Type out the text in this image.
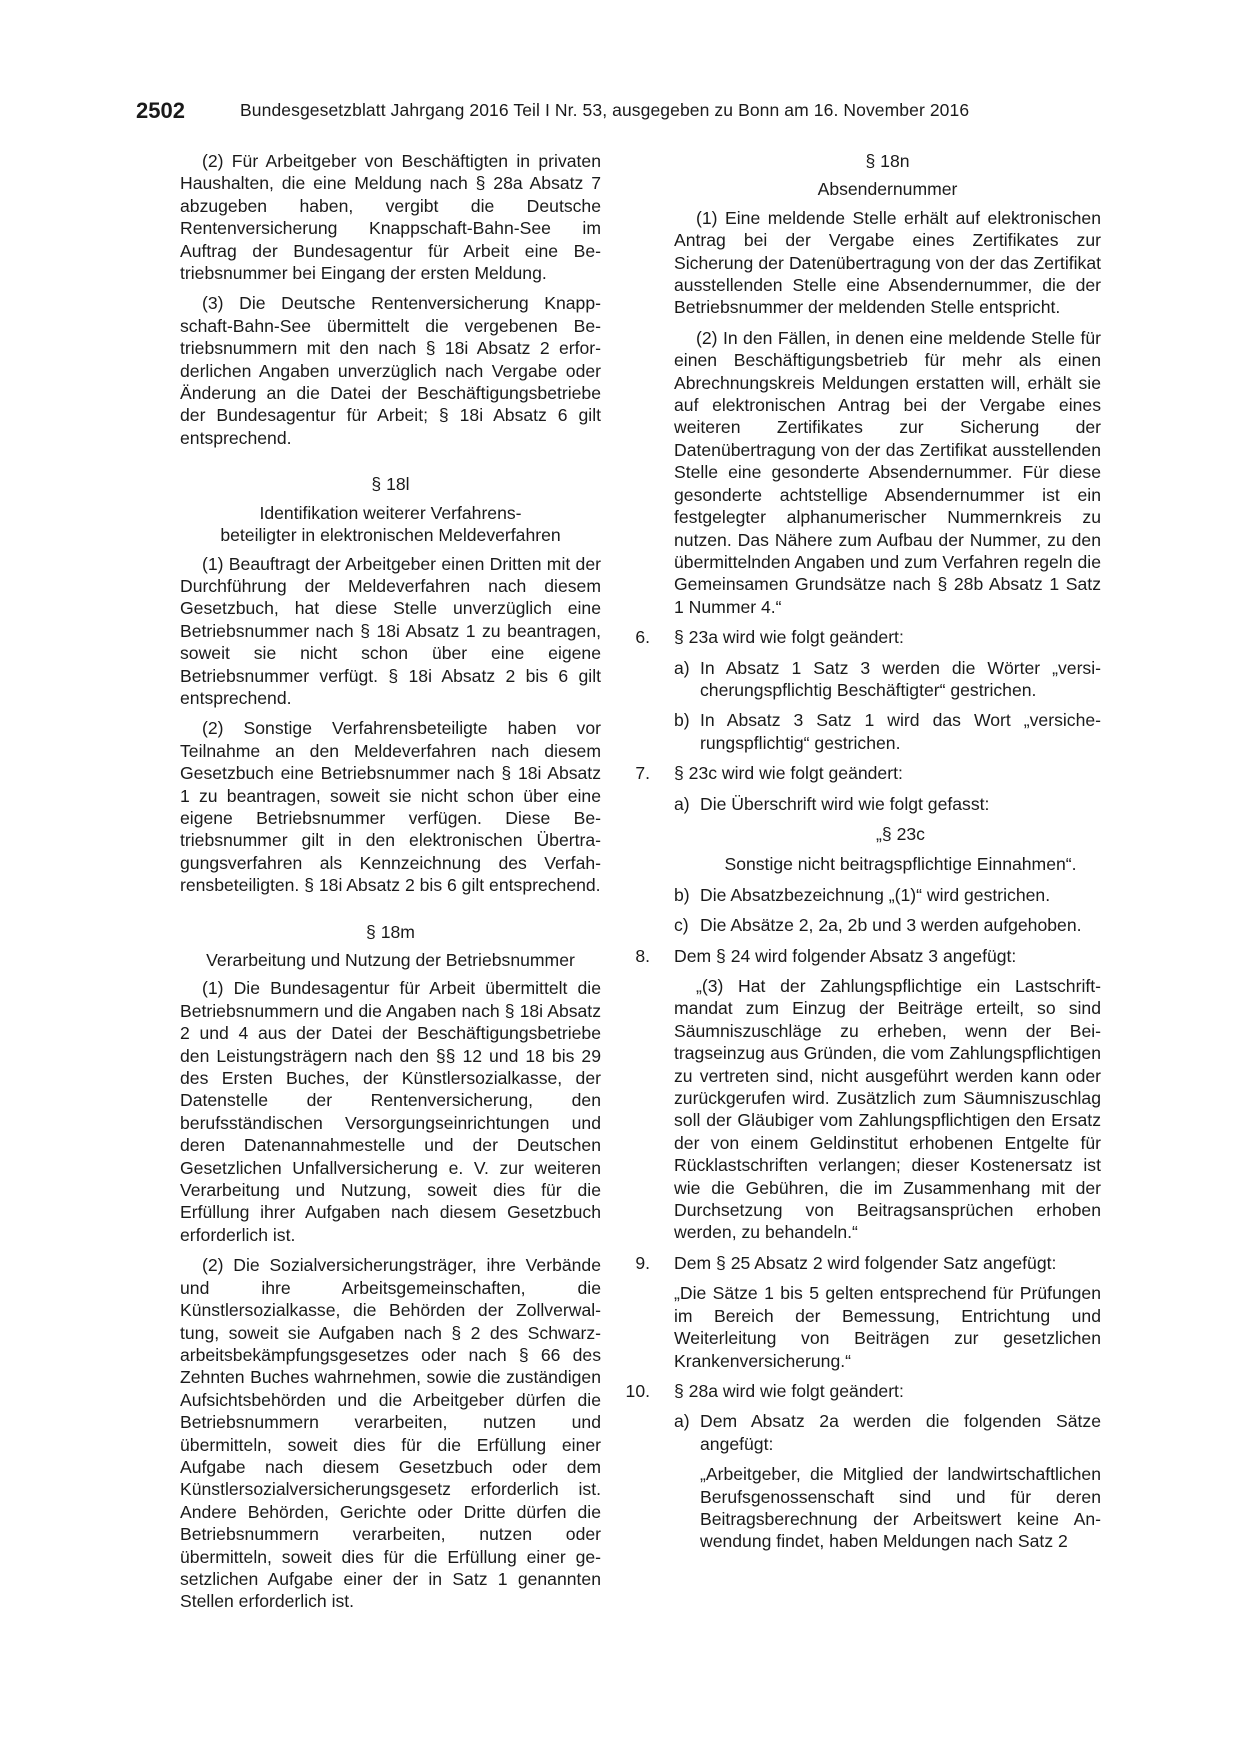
2502	Bundesgesetzblatt Jahrgang 2016 Teil I Nr. 53, ausgegeben zu Bonn am 16. November 2016

(2) Für Arbeitgeber von Beschäftigten in privaten Haushalten, die eine Meldung nach § 28a Absatz 7 abzugeben haben, vergibt die Deutsche Rentenversicherung Knappschaft-Bahn-See im Auftrag der Bundesagentur für Arbeit eine Betriebsnummer bei Eingang der ersten Meldung.

(3) Die Deutsche Rentenversicherung Knappschaft-Bahn-See übermittelt die vergebenen Betriebsnummern mit den nach § 18i Absatz 2 erforderlichen Angaben unverzüglich nach Vergabe oder Änderung an die Datei der Beschäftigungsbetriebe der Bundesagentur für Arbeit; § 18i Absatz 6 gilt entsprechend.

§ 18l

Identifikation weiterer Verfahrens-
beteiligter in elektronischen Meldeverfahren

(1) Beauftragt der Arbeitgeber einen Dritten mit der Durchführung der Meldeverfahren nach diesem Gesetzbuch, hat diese Stelle unverzüglich eine Betriebsnummer nach § 18i Absatz 1 zu beantragen, soweit sie nicht schon über eine eigene Betriebsnummer verfügt. § 18i Absatz 2 bis 6 gilt entsprechend.

(2) Sonstige Verfahrensbeteiligte haben vor Teilnahme an den Meldeverfahren nach diesem Gesetzbuch eine Betriebsnummer nach § 18i Absatz 1 zu beantragen, soweit sie nicht schon über eine eigene Betriebsnummer verfügen. Diese Betriebsnummer gilt in den elektronischen Übertragungsverfahren als Kennzeichnung des Verfahrensbeteiligten. § 18i Absatz 2 bis 6 gilt entsprechend.

§ 18m

Verarbeitung und Nutzung der Betriebsnummer

(1) Die Bundesagentur für Arbeit übermittelt die Betriebsnummern und die Angaben nach § 18i Absatz 2 und 4 aus der Datei der Beschäftigungsbetriebe den Leistungsträgern nach den §§ 12 und 18 bis 29 des Ersten Buches, der Künstlersozialkasse, der Datenstelle der Rentenversicherung, den berufsständischen Versorgungseinrichtungen und deren Datenannahmestelle und der Deutschen Gesetzlichen Unfallversicherung e. V. zur weiteren Verarbeitung und Nutzung, soweit dies für die Erfüllung ihrer Aufgaben nach diesem Gesetzbuch erforderlich ist.

(2) Die Sozialversicherungsträger, ihre Verbände und ihre Arbeitsgemeinschaften, die Künstlersozialkasse, die Behörden der Zollverwaltung, soweit sie Aufgaben nach § 2 des Schwarzarbeitsbekämpfungsgesetzes oder nach § 66 des Zehnten Buches wahrnehmen, sowie die zuständigen Aufsichtsbehörden und die Arbeitgeber dürfen die Betriebsnummern verarbeiten, nutzen und übermitteln, soweit dies für die Erfüllung einer Aufgabe nach diesem Gesetzbuch oder dem Künstlersozialversicherungsgesetz erforderlich ist. Andere Behörden, Gerichte oder Dritte dürfen die Betriebsnummern verarbeiten, nutzen oder übermitteln, soweit dies für die Erfüllung einer gesetzlichen Aufgabe einer der in Satz 1 genannten Stellen erforderlich ist.

§ 18n

Absendernummer

(1) Eine meldende Stelle erhält auf elektronischen Antrag bei der Vergabe eines Zertifikates zur Sicherung der Datenübertragung von der das Zertifikat ausstellenden Stelle eine Absendernummer, die der Betriebsnummer der meldenden Stelle entspricht.

(2) In den Fällen, in denen eine meldende Stelle für einen Beschäftigungsbetrieb für mehr als einen Abrechnungskreis Meldungen erstatten will, erhält sie auf elektronischen Antrag bei der Vergabe eines weiteren Zertifikates zur Sicherung der Datenübertragung von der das Zertifikat ausstellenden Stelle eine gesonderte Absendernummer. Für diese gesonderte achtstellige Absendernummer ist ein festgelegter alphanumerischer Nummernkreis zu nutzen. Das Nähere zum Aufbau der Nummer, zu den übermittelnden Angaben und zum Verfahren regeln die Gemeinsamen Grundsätze nach § 28b Absatz 1 Satz 1 Nummer 4.“

6. § 23a wird wie folgt geändert:
a) In Absatz 1 Satz 3 werden die Wörter „versicherungspflichtig Beschäftigter“ gestrichen.
b) In Absatz 3 Satz 1 wird das Wort „versicherungspflichtig“ gestrichen.
7. § 23c wird wie folgt geändert:
a) Die Überschrift wird wie folgt gefasst:
„§ 23c
Sonstige nicht beitragspflichtige Einnahmen“.
b) Die Absatzbezeichnung „(1)“ wird gestrichen.
c) Die Absätze 2, 2a, 2b und 3 werden aufgehoben.
8. Dem § 24 wird folgender Absatz 3 angefügt:

„(3) Hat der Zahlungspflichtige ein Lastschriftmandat zum Einzug der Beiträge erteilt, so sind Säumniszuschläge zu erheben, wenn der Beitragseinzug aus Gründen, die vom Zahlungspflichtigen zu vertreten sind, nicht ausgeführt werden kann oder zurückgerufen wird. Zusätzlich zum Säumniszuschlag soll der Gläubiger vom Zahlungspflichtigen den Ersatz der von einem Geldinstitut erhobenen Entgelte für Rücklastschriften verlangen; dieser Kostenersatz ist wie die Gebühren, die im Zusammenhang mit der Durchsetzung von Beitragsansprüchen erhoben werden, zu behandeln.“

9. Dem § 25 Absatz 2 wird folgender Satz angefügt:

„Die Sätze 1 bis 5 gelten entsprechend für Prüfungen im Bereich der Bemessung, Entrichtung und Weiterleitung von Beiträgen zur gesetzlichen Krankenversicherung.“

10. § 28a wird wie folgt geändert:
a) Dem Absatz 2a werden die folgenden Sätze angefügt:

„Arbeitgeber, die Mitglied der landwirtschaftlichen Berufsgenossenschaft sind und für deren Beitragsberechnung der Arbeitswert keine Anwendung findet, haben Meldungen nach Satz 2
